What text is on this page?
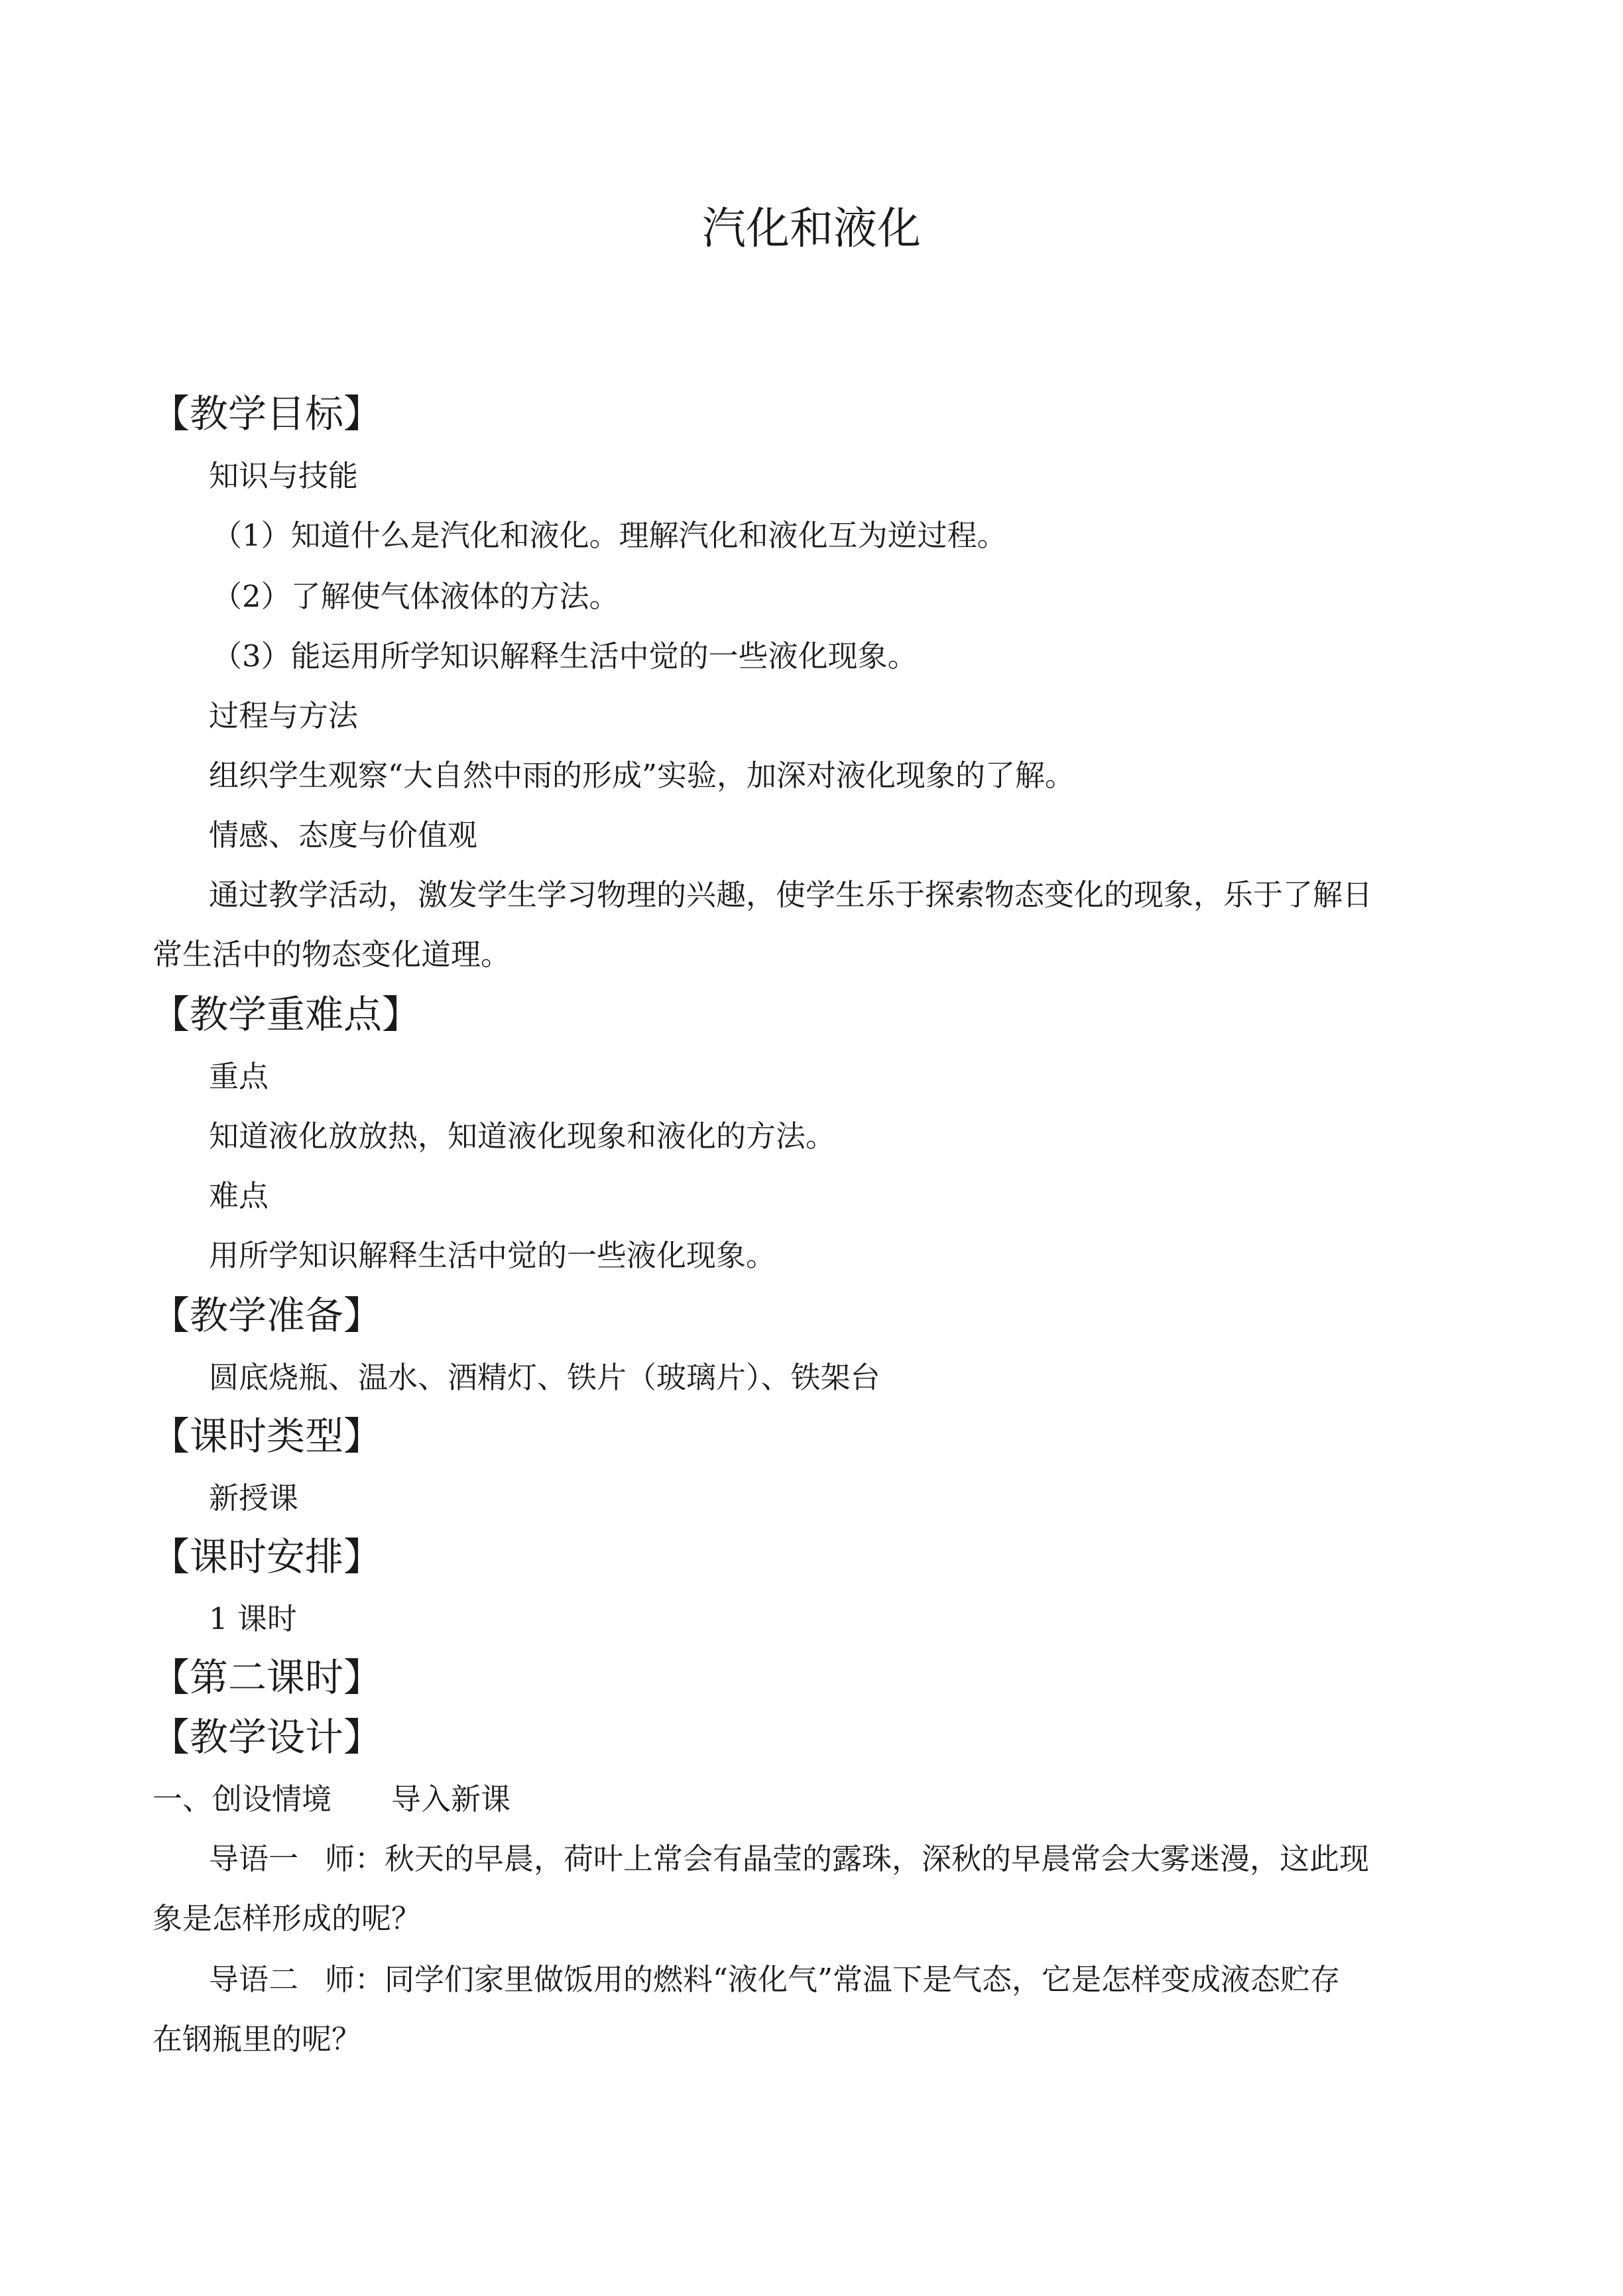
汽化和液化
【教学目标】
知识与技能
（1）知道什么是汽化和液化。理解汽化和液化互为逆过程。
（2）了解使气体液体的方法。
（3）能运用所学知识解释生活中觉的一些液化现象。
过程与方法
组织学生观察“大自然中雨的形成”实验，加深对液化现象的了解。
情感、态度与价值观
通过教学活动，激发学生学习物理的兴趣，使学生乐于探索物态变化的现象，乐于了解日
常生活中的物态变化道理。
【教学重难点】
重点
知道液化放放热，知道液化现象和液化的方法。
难点
用所学知识解释生活中觉的一些液化现象。
【教学准备】
圆底烧瓶、温水、酒精灯、铁片（玻璃片）、铁架台
【课时类型】
新授课
【课时安排】
1 课时
【第二课时】
【教学设计】
一、创设情境 导入新课
导语一 师：秋天的早晨，荷叶上常会有晶莹的露珠，深秋的早晨常会大雾迷漫，这此现
象是怎样形成的呢？
导语二 师：同学们家里做饭用的燃料“液化气”常温下是气态，它是怎样变成液态贮存
在钢瓶里的呢？
